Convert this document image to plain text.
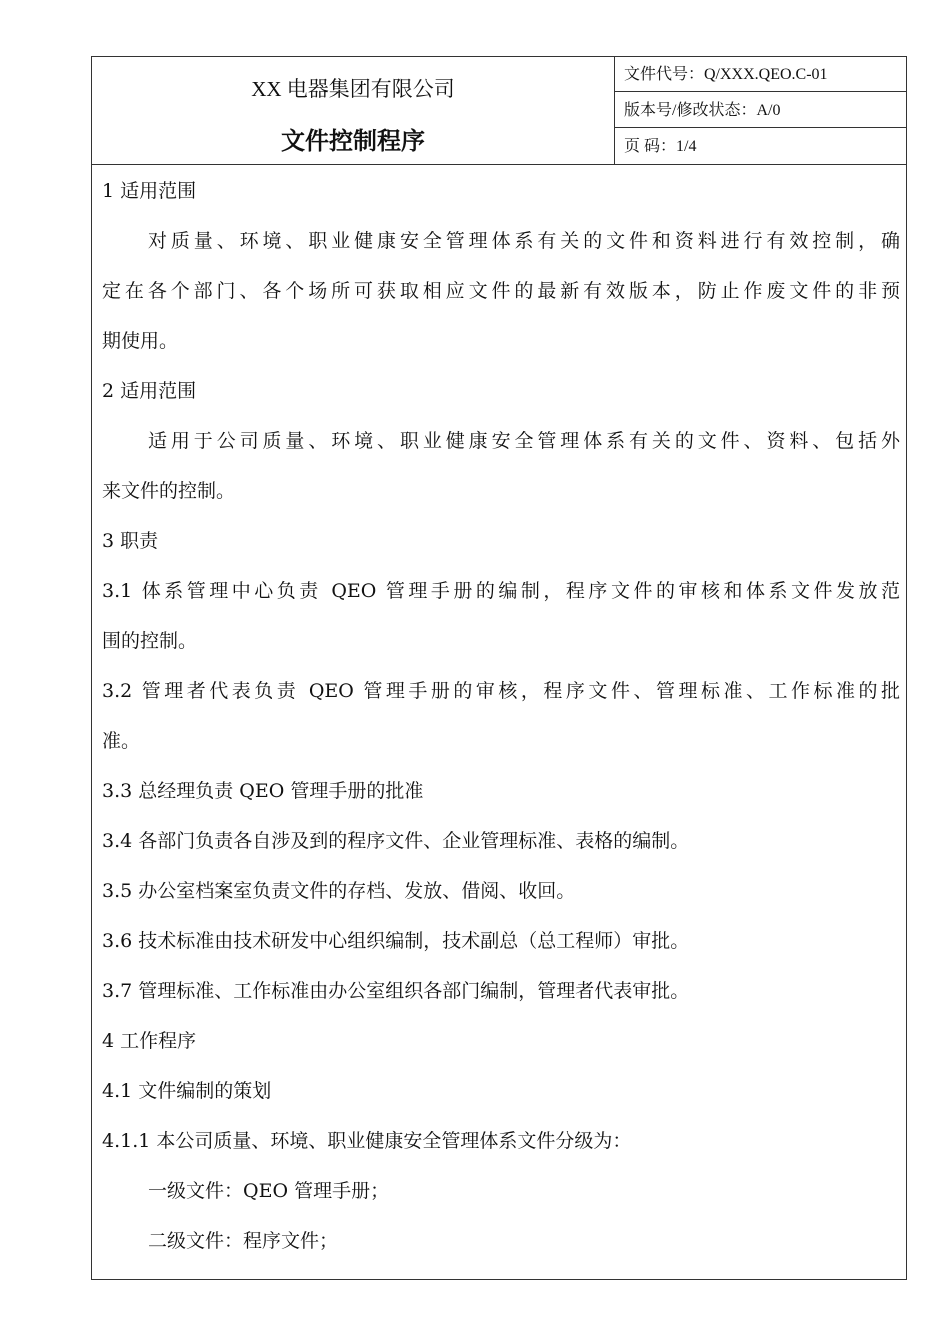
XX 电器集团有限公司
文件控制程序
文件代号：Q/XXX.QEO.C-01
版本号/修改状态：A/0
页 码：1/4
1 适用范围
对质量、环境、职业健康安全管理体系有关的文件和资料进行有效控制，确
定在各个部门、各个场所可获取相应文件的最新有效版本，防止作废文件的非预
期使用。
2 适用范围
适用于公司质量、环境、职业健康安全管理体系有关的文件、资料、包括外
来文件的控制。
3 职责
3.1 体系管理中心负责 QEO 管理手册的编制，程序文件的审核和体系文件发放范
围的控制。
3.2 管理者代表负责 QEO 管理手册的审核，程序文件、管理标准、工作标准的批
准。
3.3 总经理负责 QEO 管理手册的批准
3.4 各部门负责各自涉及到的程序文件、企业管理标准、表格的编制。
3.5 办公室档案室负责文件的存档、发放、借阅、收回。
3.6 技术标准由技术研发中心组织编制，技术副总（总工程师）审批。
3.7 管理标准、工作标准由办公室组织各部门编制，管理者代表审批。
4 工作程序
4.1 文件编制的策划
4.1.1 本公司质量、环境、职业健康安全管理体系文件分级为：
一级文件：QEO 管理手册；
二级文件：程序文件；
